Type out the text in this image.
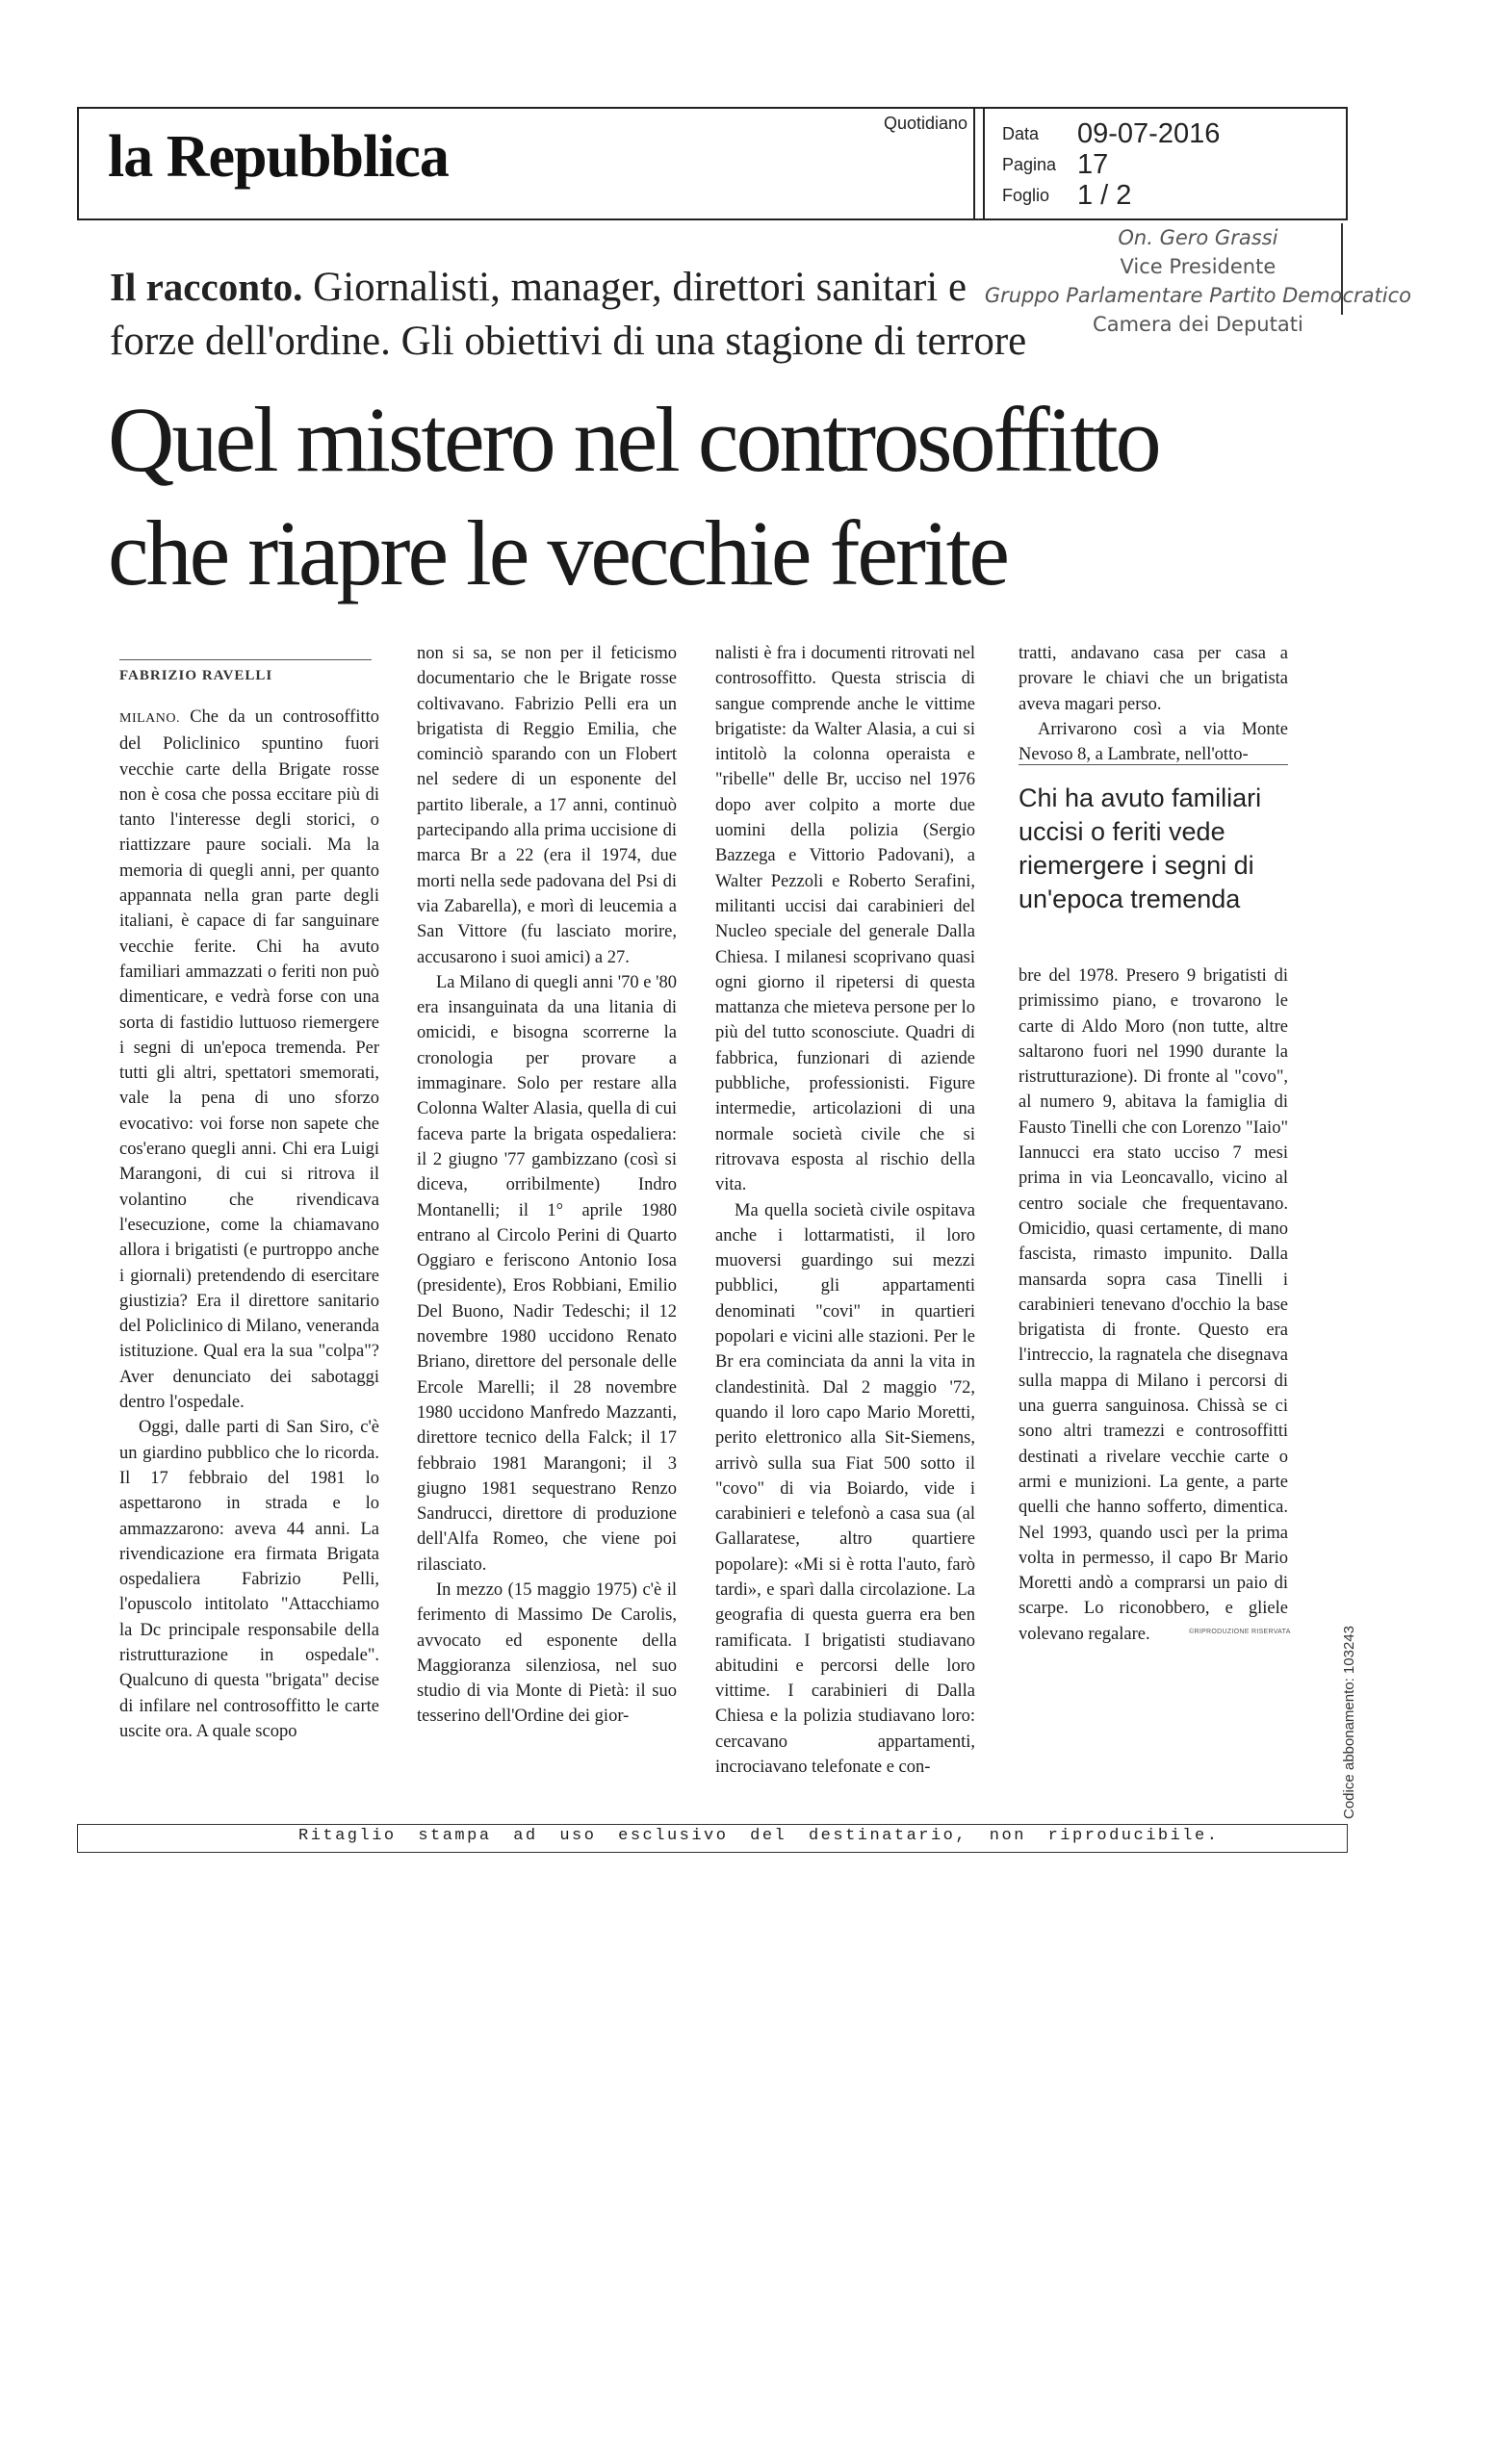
la Repubblica
Quotidiano
Data 09-07-2016
Pagina 17
Foglio 1 / 2
On. Gero Grassi
Vice Presidente
Gruppo Parlamentare Partito Democratico
Camera dei Deputati
Il racconto. Giornalisti, manager, direttori sanitari e forze dell'ordine. Gli obiettivi di una stagione di terrore
Quel mistero nel controsoffitto
che riapre le vecchie ferite
FABRIZIO RAVELLI

MILANO. Che da un controsoffitto del Policlinico spuntino fuori vecchie carte della Brigate rosse non è cosa che possa eccitare più di tanto l'interesse degli storici, o riattizzare paure sociali. Ma la memoria di quegli anni, per quanto appannata nella gran parte degli italiani, è capace di far sanguinare vecchie ferite. Chi ha avuto familiari ammazzati o feriti non può dimenticare, e vedrà forse con una sorta di fastidio luttuoso riemergere i segni di un'epoca tremenda. Per tutti gli altri, spettatori smemorati, vale la pena di uno sforzo evocativo: voi forse non sapete che cos'erano quegli anni. Chi era Luigi Marangoni, di cui si ritrova il volantino che rivendicava l'esecuzione, come la chiamavano allora i brigatisti (e purtroppo anche i giornali) pretendendo di esercitare giustizia? Era il direttore sanitario del Policlinico di Milano, veneranda istituzione. Qual era la sua "colpa"? Aver denunciato dei sabotaggi dentro l'ospedale.

Oggi, dalle parti di San Siro, c'è un giardino pubblico che lo ricorda. Il 17 febbraio del 1981 lo aspettarono in strada e lo ammazzarono: aveva 44 anni. La rivendicazione era firmata Brigata ospedaliera Fabrizio Pelli, l'opuscolo intitolato "Attacchiamo la Dc principale responsabile della ristrutturazione in ospedale". Qualcuno di questa "brigata" decise di infilare nel controsoffitto le carte uscite ora. A quale scopo

non si sa, se non per il feticismo documentario che le Brigate rosse coltivavano. Fabrizio Pelli era un brigatista di Reggio Emilia, che cominciò sparando con un Flobert nel sedere di un esponente del partito liberale, a 17 anni, continuò partecipando alla prima uccisione di marca Br a 22 (era il 1974, due morti nella sede padovana del Psi di via Zabarella), e morì di leucemia a San Vittore (fu lasciato morire, accusarono i suoi amici) a 27.

La Milano di quegli anni '70 e '80 era insanguinata da una litania di omicidi, e bisogna scorrerne la cronologia per provare a immaginare. Solo per restare alla Colonna Walter Alasia, quella di cui faceva parte la brigata ospedaliera: il 2 giugno '77 gambizzano (così si diceva, orribilmente) Indro Montanelli; il 1° aprile 1980 entrano al Circolo Perini di Quarto Oggiaro e feriscono Antonio Iosa (presidente), Eros Robbiani, Emilio Del Buono, Nadir Tedeschi; il 12 novembre 1980 uccidono Renato Briano, direttore del personale delle Ercole Marelli; il 28 novembre 1980 uccidono Manfredo Mazzanti, direttore tecnico della Falck; il 17 febbraio 1981 Marangoni; il 3 giugno 1981 sequestrano Renzo Sandrucci, direttore di produzione dell'Alfa Romeo, che viene poi rilasciato.

In mezzo (15 maggio 1975) c'è il ferimento di Massimo De Carolis, avvocato ed esponente della Maggioranza silenziosa, nel suo studio di via Monte di Pietà: il suo tesserino dell'Ordine dei gior-

nalisti è fra i documenti ritrovati nel controsoffitto. Questa striscia di sangue comprende anche le vittime brigatiste: da Walter Alasia, a cui si intitolò la colonna operaista e "ribelle" delle Br, ucciso nel 1976 dopo aver colpito a morte due uomini della polizia (Sergio Bazzega e Vittorio Padovani), a Walter Pezzoli e Roberto Serafini, militanti uccisi dai carabinieri del Nucleo speciale del generale Dalla Chiesa. I milanesi scoprivano quasi ogni giorno il ripetersi di questa mattanza che mieteva persone per lo più del tutto sconosciute. Quadri di fabbrica, funzionari di aziende pubbliche, professionisti. Figure intermedie, articolazioni di una normale società civile che si ritrovava esposta al rischio della vita.

Ma quella società civile ospitava anche i lottarmatisti, il loro muoversi guardingo sui mezzi pubblici, gli appartamenti denominati "covi" in quartieri popolari e vicini alle stazioni. Per le Br era cominciata da anni la vita in clandestinità. Dal 2 maggio '72, quando il loro capo Mario Moretti, perito elettronico alla Sit-Siemens, arrivò sulla sua Fiat 500 sotto il "covo" di via Boiardo, vide i carabinieri e telefonò a casa sua (al Gallaratese, altro quartiere popolare): «Mi si è rotta l'auto, farò tardi», e sparì dalla circolazione. La geografia di questa guerra era ben ramificata. I brigatisti studiavano abitudini e percorsi delle loro vittime. I carabinieri di Dalla Chiesa e la polizia studiavano loro: cercavano appartamenti, incrociavano telefonate e con-

tratti, andavano casa per casa a provare le chiavi che un brigatista aveva magari perso.

Arrivarono così a via Monte Nevoso 8, a Lambrate, nell'otto-

Chi ha avuto familiari uccisi o feriti vede riemergere i segni di un'epoca tremenda

bre del 1978. Presero 9 brigatisti di primissimo piano, e trovarono le carte di Aldo Moro (non tutte, altre saltarono fuori nel 1990 durante la ristrutturazione). Di fronte al "covo", al numero 9, abitava la famiglia di Fausto Tinelli che con Lorenzo "Iaio" Iannucci era stato ucciso 7 mesi prima in via Leoncavallo, vicino al centro sociale che frequentavano. Omicidio, quasi certamente, di mano fascista, rimasto impunito. Dalla mansarda sopra casa Tinelli i carabinieri tenevano d'occhio la base brigatista di fronte. Questo era l'intreccio, la ragnatela che disegnava sulla mappa di Milano i percorsi di una guerra sanguinosa. Chissà se ci sono altri tramezzi e controsoffitti destinati a rivelare vecchie carte o armi e munizioni. La gente, a parte quelli che hanno sofferto, dimentica. Nel 1993, quando uscì per la prima volta in permesso, il capo Br Mario Moretti andò a comprarsi un paio di scarpe. Lo riconobbero, e gliele volevano regalare.	©RIPRODUZIONE RISERVATA	Codice abbonamento: 103243
Ritaglio stampa ad uso esclusivo del destinatario, non riproducibile.
